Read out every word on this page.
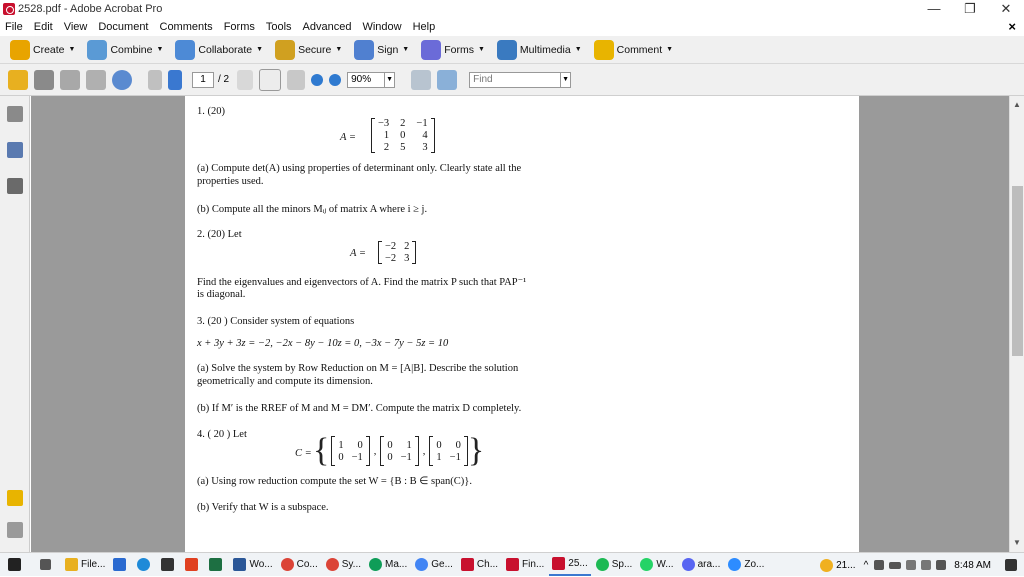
2528.pdf - Adobe Acrobat Pro	—	❐	✕
File	Edit	View	Document	Comments	Forms	Tools	Advanced	Window	Help	×
Create ▼	Combine ▼	Collaborate ▼	Secure ▼	Sign ▼	Forms ▼	Multimedia ▼	Comment ▼
1	/ 2	90%	▼	Find	▼
1. (20)
A =
−3 2 −1
1 0	4
2 5	3
(a) Compute det(A) using properties of determinant only. Clearly state all the
properties used.
(b) Compute all the minors Mᵢⱼ of matrix A where i ≥ j.
2. (20) Let
A =
−2 2
−2 3
Find the eigenvalues and eigenvectors of A. Find the matrix P such that PAP⁻¹
is diagonal.
3. (20 ) Consider system of equations
x + 3y + 3z = −2, −2x − 8y − 10z = 0, −3x − 7y − 5z = 10
(a) Solve the system by Row Reduction on M = [A|B]. Describe the solution
geometrically and compute its dimension.
(b) If M′ is the RREF of M and M = DM′. Compute the matrix D completely.
4. ( 20 ) Let
C = { 1	0
0 −1
,
0	1
0 −1
,
0	0
1 −1 }
(a) Using row reduction compute the set W = {B : B ∈ span(C)}.
(b) Verify that W is a subspace.
▲
▼
File...	Wo... Co... Sy... Ma... Ge... Ch... Fin... 25... Sp... W... ara... Zo...	21... ^	8:48 AM
